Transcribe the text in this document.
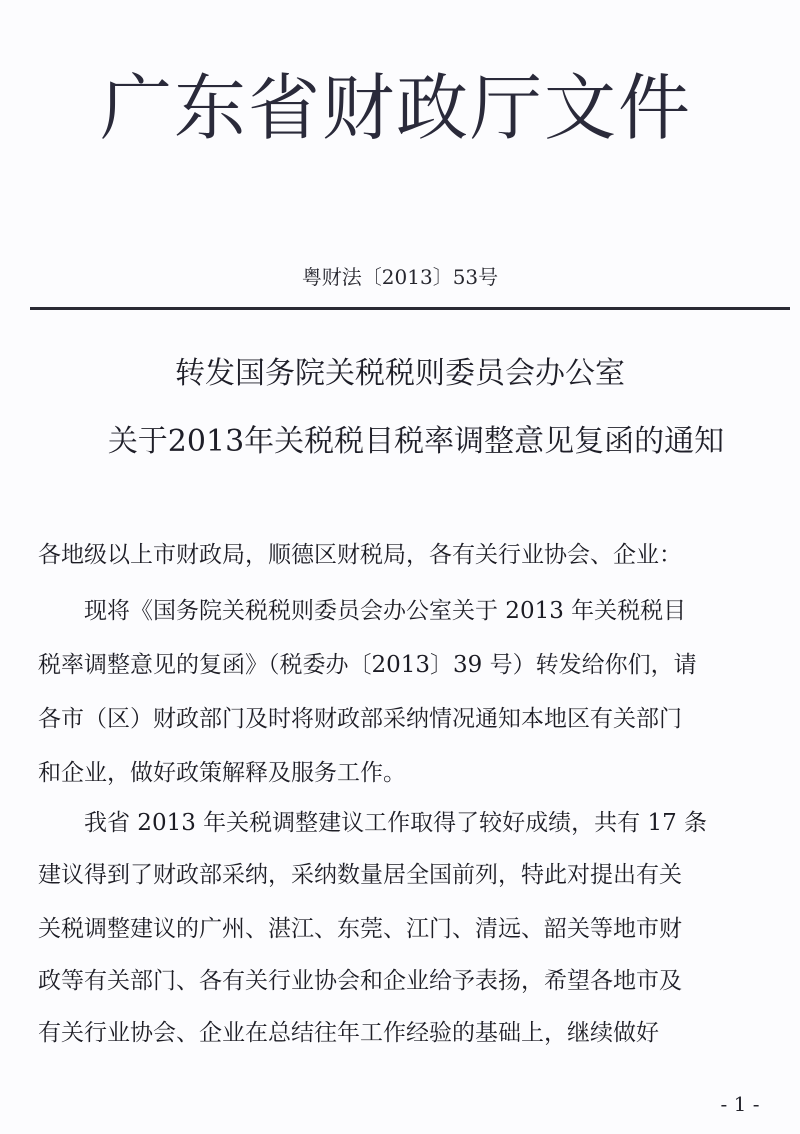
广东省财政厅文件
粤财法〔2013〕53号
转发国务院关税税则委员会办公室
关于2013年关税税目税率调整意见复函的通知
各地级以上市财政局，顺德区财税局，各有关行业协会、企业：
现将《国务院关税税则委员会办公室关于 2013 年关税税目
税率调整意见的复函》（税委办〔2013〕39 号）转发给你们，请
各市（区）财政部门及时将财政部采纳情况通知本地区有关部门
和企业，做好政策解释及服务工作。
我省 2013 年关税调整建议工作取得了较好成绩，共有 17 条
建议得到了财政部采纳，采纳数量居全国前列，特此对提出有关
关税调整建议的广州、湛江、东莞、江门、清远、韶关等地市财
政等有关部门、各有关行业协会和企业给予表扬，希望各地市及
有关行业协会、企业在总结往年工作经验的基础上，继续做好
- 1 -
